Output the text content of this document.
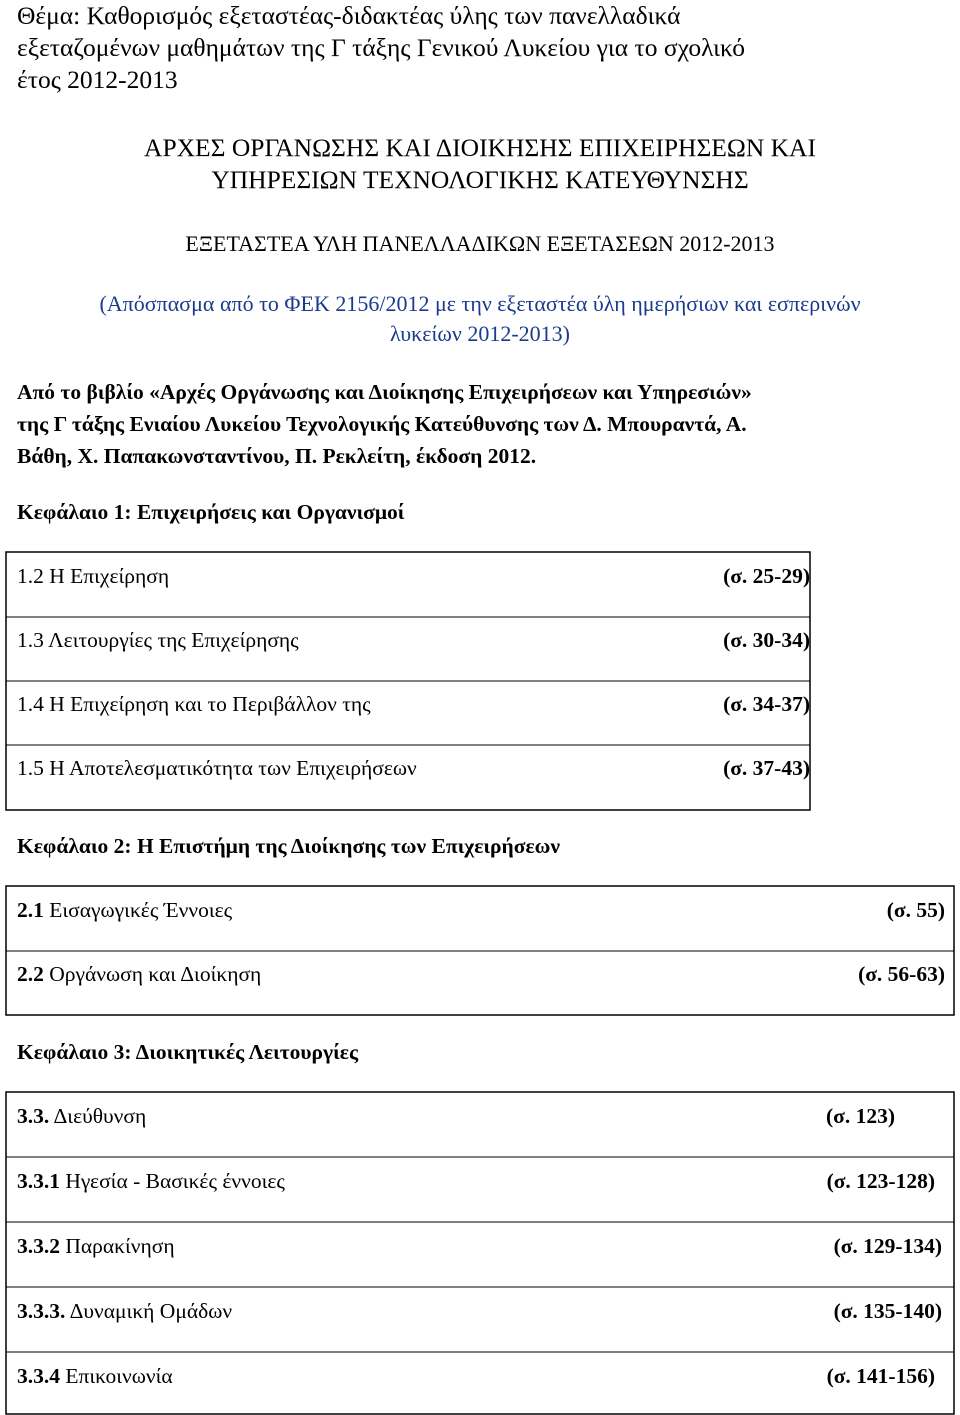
Θέμα: Καθορισμός εξεταστέας-διδακτέας ύλης των πανελλαδικά
εξεταζομένων μαθημάτων της Γ τάξης Γενικού Λυκείου για το σχολικό
έτος 2012-2013
ΑΡΧΕΣ ΟΡΓΑΝΩΣΗΣ ΚΑΙ ΔΙΟΙΚΗΣΗΣ ΕΠΙΧΕΙΡΗΣΕΩΝ ΚΑΙ
ΥΠΗΡΕΣΙΩΝ ΤΕΧΝΟΛΟΓΙΚΗΣ ΚΑΤΕΥΘΥΝΣΗΣ
ΕΞΕΤΑΣΤΕΑ ΥΛΗ ΠΑΝΕΛΛΑΔΙΚΩΝ ΕΞΕΤΑΣΕΩΝ 2012-2013
(Απόσπασμα από το ΦΕΚ 2156/2012 με την εξεταστέα ύλη ημερήσιων και εσπερινών
λυκείων 2012-2013)
Από το βιβλίο «Αρχές Οργάνωσης και Διοίκησης Επιχειρήσεων και Υπηρεσιών»
της Γ τάξης Ενιαίου Λυκείου Τεχνολογικής Κατεύθυνσης των Δ. Μπουραντά, Α.
Βάθη, Χ. Παπακωνσταντίνου, Π. Ρεκλείτη, έκδοση 2012.
Κεφάλαιο 1: Επιχειρήσεις και Οργανισμοί
1.2 Η Επιχείρηση	(σ. 25-29)
1.3 Λειτουργίες της Επιχείρησης	(σ. 30-34)
1.4 Η Επιχείρηση και το Περιβάλλον της	(σ. 34-37)
1.5 Η Αποτελεσματικότητα των Επιχειρήσεων	(σ. 37-43)
Κεφάλαιο 2: Η Επιστήμη της Διοίκησης των Επιχειρήσεων
2.1 Εισαγωγικές Έννοιες	(σ. 55)
2.2 Οργάνωση και Διοίκηση	(σ. 56-63)
Κεφάλαιο 3: Διοικητικές Λειτουργίες
3.3. Διεύθυνση	(σ. 123)
3.3.1 Ηγεσία - Βασικές έννοιες	(σ. 123-128)
3.3.2 Παρακίνηση	(σ. 129-134)
3.3.3. Δυναμική Ομάδων	(σ. 135-140)
3.3.4 Επικοινωνία	(σ. 141-156)
